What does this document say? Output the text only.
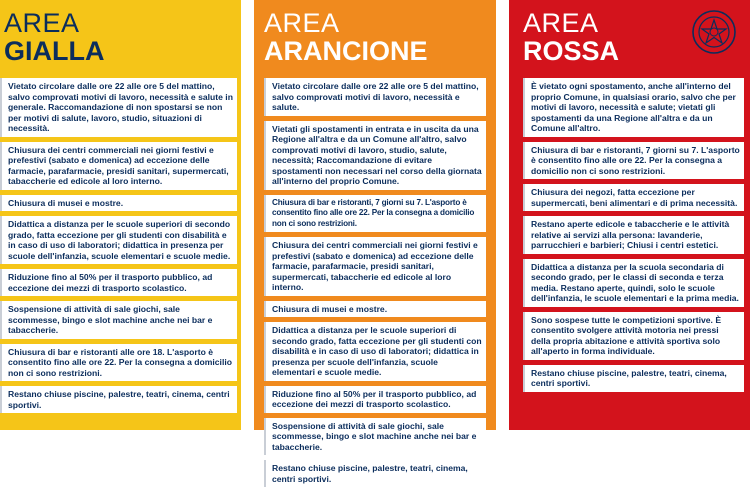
AREA
GIALLA
Vietato circolare dalle ore 22 alle ore 5 del mattino, salvo comprovati motivi di lavoro, necessità e salute in generale. Raccomandazione di non spostarsi se non per motivi di salute, lavoro, studio, situazioni di necessità.
Chiusura dei centri commerciali nei giorni festivi e prefestivi (sabato e domenica) ad eccezione delle farmacie, parafarmacie, presidi sanitari, supermercati, tabaccherie ed edicole al loro interno.
Chiusura di musei e mostre.
Didattica a distanza per le scuole superiori di secondo grado, fatta eccezione per gli studenti con disabilità e in caso di uso di laboratori; didattica in presenza per scuole dell'infanzia, scuole elementari e scuole medie.
Riduzione fino al 50% per il trasporto pubblico, ad eccezione dei mezzi di trasporto scolastico.
Sospensione di attività di sale giochi, sale scommesse, bingo e slot machine anche nei bar e tabaccherie.
Chiusura di bar e ristoranti alle ore 18. L'asporto è consentito fino alle ore 22. Per la consegna a domicilio non ci sono restrizioni.
Restano chiuse piscine, palestre, teatri, cinema, centri sportivi.
AREA
ARANCIONE
Vietato circolare dalle ore 22 alle ore 5 del mattino, salvo comprovati motivi di lavoro, necessità e salute.
Vietati gli spostamenti in entrata e in uscita da una Regione all'altra e da un Comune all'altro, salvo comprovati motivi di lavoro, studio, salute, necessità; Raccomandazione di evitare spostamenti non necessari nel corso della giornata all'interno del proprio Comune.
Chiusura di bar e ristoranti, 7 giorni su 7. L'asporto è consentito fino alle ore 22. Per la consegna a domicilio non ci sono restrizioni.
Chiusura dei centri commerciali nei giorni festivi e prefestivi (sabato e domenica) ad eccezione delle farmacie, parafarmacie, presidi sanitari, supermercati, tabaccherie ed edicole al loro interno.
Chiusura di musei e mostre.
Didattica a distanza per le scuole superiori di secondo grado, fatta eccezione per gli studenti con disabilità e in caso di uso di laboratori; didattica in presenza per scuole dell'infanzia, scuole elementari e scuole medie.
Riduzione fino al 50% per il trasporto pubblico, ad eccezione dei mezzi di trasporto scolastico.
Sospensione di attività di sale giochi, sale scommesse, bingo e slot machine anche nei bar e tabaccherie.
Restano chiuse piscine, palestre, teatri, cinema, centri sportivi.
AREA
ROSSA
È vietato ogni spostamento, anche all'interno del proprio Comune, in qualsiasi orario, salvo che per motivi di lavoro, necessità e salute; vietati gli spostamenti da una Regione all'altra e da un Comune all'altro.
Chiusura di bar e ristoranti, 7 giorni su 7. L'asporto è consentito fino alle ore 22. Per la consegna a domicilio non ci sono restrizioni.
Chiusura dei negozi, fatta eccezione per supermercati, beni alimentari e di prima necessità.
Restano aperte edicole e tabaccherie e le attività relative ai servizi alla persona: lavanderie, parrucchieri e barbieri; Chiusi i centri estetici.
Didattica a distanza per la scuola secondaria di secondo grado, per le classi di seconda e terza media. Restano aperte, quindi, solo le scuole dell'infanzia, le scuole elementari e la prima media.
Sono sospese tutte le competizioni sportive. È consentito svolgere attività motoria nei pressi della propria abitazione e attività sportiva solo all'aperto in forma individuale.
Restano chiuse piscine, palestre, teatri, cinema, centri sportivi.
